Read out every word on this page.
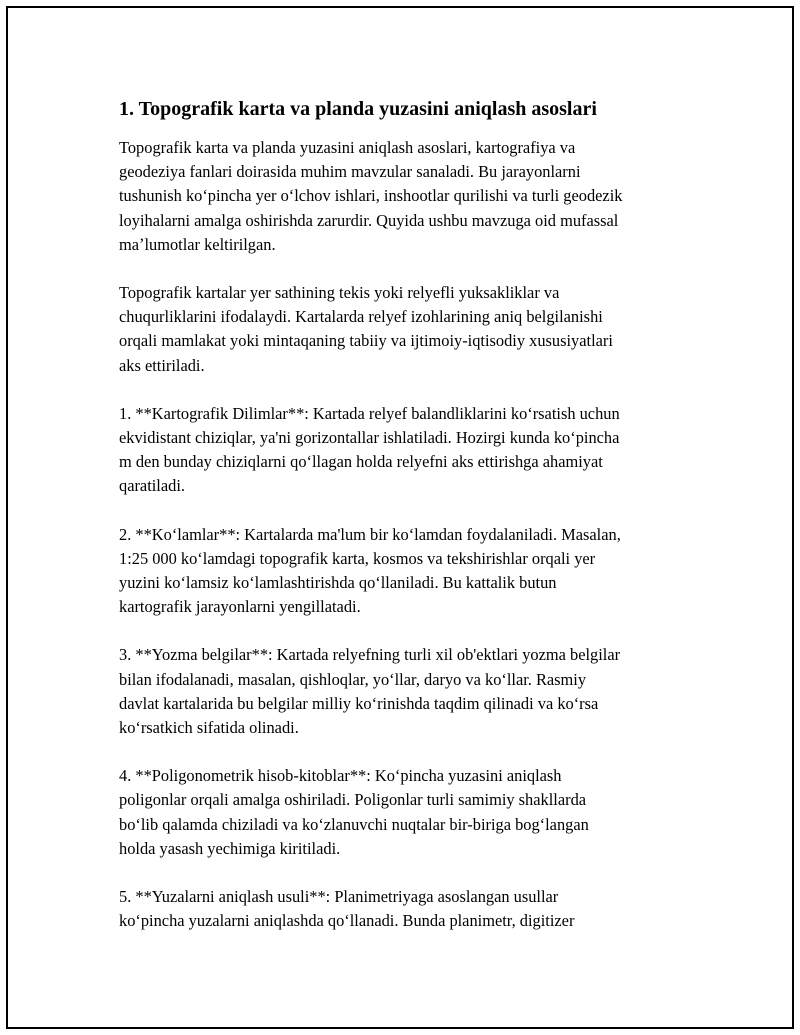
1. Topografik karta va planda yuzasini aniqlash asoslari

Topografik karta va planda yuzasini aniqlash asoslari, kartografiya va
geodeziya fanlari doirasida muhim mavzular sanaladi. Bu jarayonlarni
tushunish koʻpincha yer oʻlchov ishlari, inshootlar qurilishi va turli geodezik
loyihalarni amalga oshirishda zarurdir. Quyida ushbu mavzuga oid mufassal
maʼlumotlar keltirilgan.

Topografik kartalar yer sathining tekis yoki relyefli yuksakliklar va
chuqurliklarini ifodalaydi. Kartalarda relyef izohlarining aniq belgilanishi
orqali mamlakat yoki mintaqaning tabiiy va ijtimoiy-iqtisodiy xususiyatlari
aks ettiriladi.

1. **Kartografik Dilimlar**: Kartada relyef balandliklarini koʻrsatish uchun
ekvidistant chiziqlar, ya'ni gorizontallar ishlatiladi. Hozirgi kunda koʻpincha
m den bunday chiziqlarni qoʻllagan holda relyefni aks ettirishga ahamiyat
qaratiladi.

2. **Koʻlamlar**: Kartalarda ma'lum bir koʻlamdan foydalaniladi. Masalan,
1:25 000 koʻlamdagi topografik karta, kosmos va tekshirishlar orqali yer
yuzini koʻlamsiz koʻlamlashtirishda qoʻllaniladi. Bu kattalik butun
kartografik jarayonlarni yengillatadi.

3. **Yozma belgilar**: Kartada relyefning turli xil ob'ektlari yozma belgilar
bilan ifodalanadi, masalan, qishloqlar, yoʻllar, daryo va koʻllar. Rasmiy
davlat kartalarida bu belgilar milliy koʻrinishda taqdim qilinadi va koʻrsa
koʻrsatkich sifatida olinadi.

4. **Poligonometrik hisob-kitoblar**: Koʻpincha yuzasini aniqlash
poligonlar orqali amalga oshiriladi. Poligonlar turli samimiy shakllarda
boʻlib qalamda chiziladi va koʻzlanuvchi nuqtalar bir-biriga bogʻlangan
holda yasash yechimiga kiritiladi.

5. **Yuzalarni aniqlash usuli**: Planimetriyaga asoslangan usullar
koʻpincha yuzalarni aniqlashda qoʻllanadi. Bunda planimetr, digitizer
